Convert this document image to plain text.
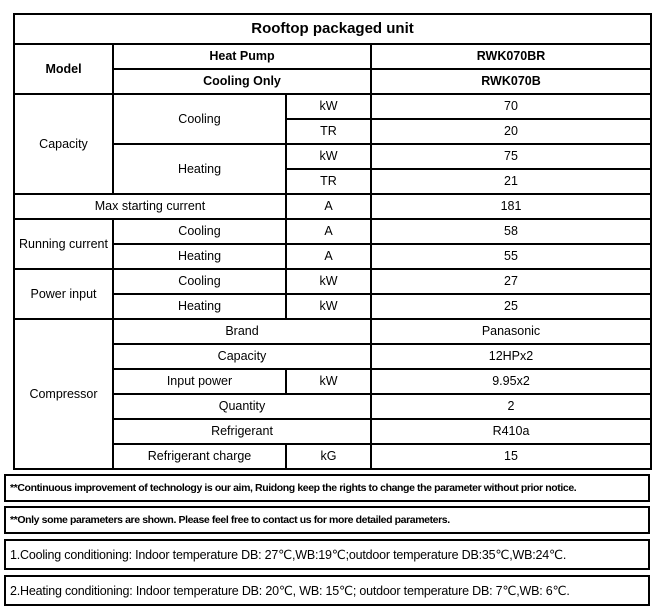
Rooftop packaged unit			
Model	Heat Pump		RWK070BR
	Cooling Only		RWK070B
Capacity	Cooling	kW	70
		TR	20
	Heating	kW	75
		TR	21
Max starting current		A	181
Running current	Cooling	A	58
	Heating	A	55
Power input	Cooling	kW	27
	Heating	kW	25
Compressor	Brand		Panasonic
	Capacity		12HPx2
	Input power	kW	9.95x2
	Quantity		2
	Refrigerant		R410a
	Refrigerant charge	kG	15
**Continuous improvement of technology is our aim, Ruidong keep the rights to change the parameter without prior notice.
**Only some parameters are shown. Please feel free to contact us for more detailed parameters.
1.Cooling conditioning: Indoor temperature DB: 27℃,WB:19℃;outdoor temperature DB:35℃,WB:24℃.
2.Heating conditioning: Indoor temperature DB: 20℃, WB: 15℃; outdoor temperature DB: 7℃,WB: 6℃.
